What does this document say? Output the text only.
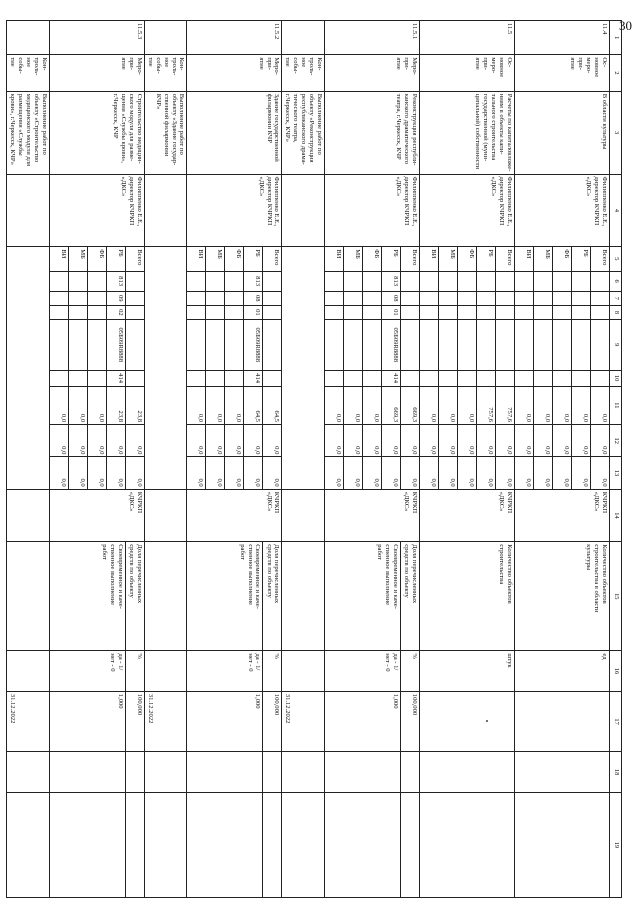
30
1	2	3	4	5	6	7	8	9	10	11	12	13	14	15	16	17	18	19
11.4	Ос-
новное
меро-
при-
ятие	В области культуры	Филиппенко Е.Е.,
директор КЧРКП
«ДКС»	Всего						0,0	0,0	0,0	КЧРКП
«ДКС»	Количество объектов
строительства в области
культуры	ед			
				РБ						0,0	0,0	0,0						
				ФБ						0,0	0,0	0,0						
				МБ						0,0	0,0	0,0						
				ВИ						0,0	0,0	0,0						
11.5	Ос-
новное
меро-
при-
ятие	Расчеты по капиталовложе-
ниям в объекты капи-
тального строительства
государственной (муни-
ципальной) собственности	Филиппенко Е.Е.,
директор КЧРКП
«ДКС»	Всего						757,6	0,0	0,0	КЧРКП
«ДКС»	Количество объектов
строительства	штук			
				РБ						757,6	0,0	0,0						
				ФБ						0,0	0,0	0,0						
				МБ						0,0	0,0	0,0						
				ВИ						0,0	0,0	0,0						
11.5.1	Меро-
при-
ятие	Реконструкция республи-
канского драматического
театра, г.Черкесск, КЧР	Филиппенко Е.Е.,
директор КЧРКП
«ДКС»	Всего						669,3	0,0	0,0	КЧРКП
«ДКС»	Доля перечисленных
средств по объекту	%	100,000		
				РБ	813	08	01	05Б09R8888	414	669,3	0,0	0,0		Своевременное и каче-
ственное выполнение
работ	да - 1/
нет - 0	1,000		
				ФБ						0,0	0,0	0,0						
				МБ						0,0	0,0	0,0						
				ВИ						0,0	0,0	0,0						
	Кон-
троль-
ное
собы-
тие	Выполнение работ по
объекту «Реконструкция
республиканского драма-
тического театра,
г.Черкесск, КЧР»														31.12.2022		
11.5.2	Меро-
при-
ятие	Здание государственной
филармонии КЧР	Филиппенко Е.Е.,
директор КЧРКП
«ДКС»	Всего						64,5	0,0	0,0	КЧРКП
«ДКС»	Доля перечисленных
средств по объекту	%	100,000		
				РБ	813	08	01	05Б09R8888	414	64,5	0,0	0,0		Своевременное и каче-
ственное выполнение
работ	да - 1/
нет - 0	1,000		
				ФБ						0,0	0,0	0,0						
				МБ						0,0	0,0	0,0						
				ВИ						0,0	0,0	0,0						
	Кон-
троль-
ное
собы-
тие	Выполнение работ по
объекту «Здание государ-
ственной филармонии
КЧР»														31.12.2022		
11.5.3	Меро-
при-
ятие	Строительство медицин-
ского модуля для разме-
щения «Службы крови»,
г.Черкесск, КЧР	Филиппенко Е.Е.,
директор КЧРКП
«ДКС»	Всего						23,8	0,0	0,0	КЧРКП
«ДКС»	Доля перечисленных
средств по объекту	%	100,000		
				РБ	813	09	02	05Б09R8888	414	23,8	0,0	0,0		Своевременное и каче-
ственное выполнение
работ	да - 1/
нет - 0	1,000		
				ФБ						0,0	0,0	0,0						
				МБ						0,0	0,0	0,0						
				ВИ						0,0	0,0	0,0						
	Кон-
троль-
ное
собы-
тие	Выполнение работ по
объекту «Строительство
медицинского модуля для
размещения «Службы
крови», г.Черкесск, КЧР»														31.12.2022		
